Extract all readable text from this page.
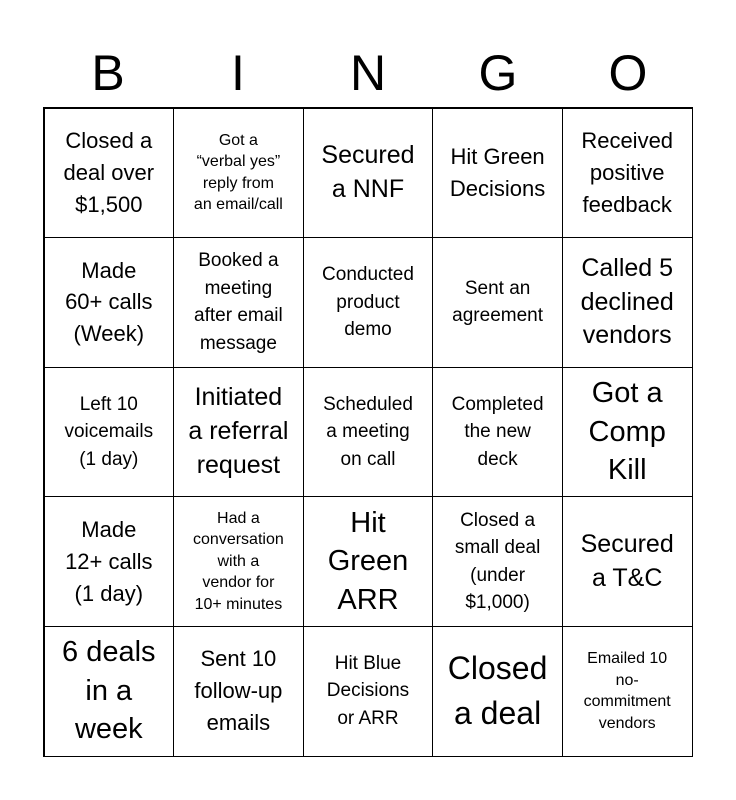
B	I	N	G	O
Closed a
deal over
$1,500
Got a
“verbal yes”
reply from
an email/call
Secured
a NNF
Hit Green
Decisions
Received
positive
feedback
Made
60+ calls
(Week)
Booked a
meeting
after email
message
Conducted
product
demo
Sent an
agreement
Called 5
declined
vendors
Left 10
voicemails
(1 day)
Initiated
a referral
request
Scheduled
a meeting
on call
Completed
the new
deck
Got a
Comp
Kill
Made
12+ calls
(1 day)
Had a
conversation
with a
vendor for
10+ minutes
Hit
Green
ARR
Closed a
small deal
(under
$1,000)
Secured
a T&C
6 deals
in a
week
Sent 10
follow-up
emails
Hit Blue
Decisions
or ARR
Closed
a deal
Emailed 10
no-
commitment
vendors
